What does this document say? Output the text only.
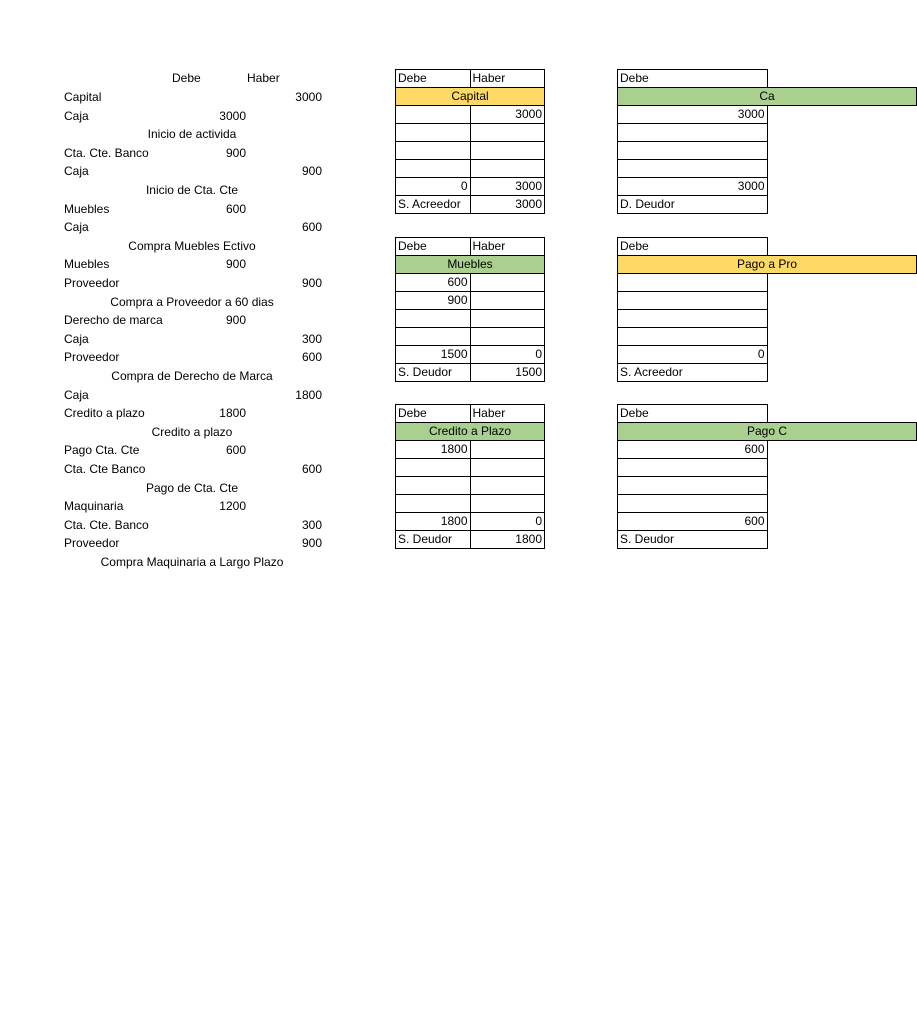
Debe	Haber
Capital	3000
Caja	3000
Inicio de activida
Cta. Cte. Banco	900
Caja	900
Inicio de Cta. Cte
Muebles	600
Caja	600
Compra Muebles Ectivo
Muebles	900
Proveedor	900
Compra a Proveedor a 60 dias
Derecho de marca	900
Caja	300
Proveedor	600
Compra de Derecho de Marca
Caja	1800
Credito a plazo	1800
Credito a plazo
Pago Cta. Cte	600
Cta. Cte Banco	600
Pago de Cta. Cte
Maquinaria	1200
Cta. Cte. Banco	300
Proveedor	900
Compra Maquinaria a Largo Plazo
Debe	Haber
Capital	
	3000

0	3000
S. Acreedor	3000
Debe	Haber
Muebles	
600	
900	

1500	0
S. Deudor	1500
Debe	Haber
Credito a Plazo	
1800	

1800	0
S. Deudor	1800
Debe	
Ca	
3000	

3000	
D. Deudor	
Debe	
Pago a Pro	

0	
S. Acreedor	
Debe	
Pago C	
600	

600	
S. Deudor	
